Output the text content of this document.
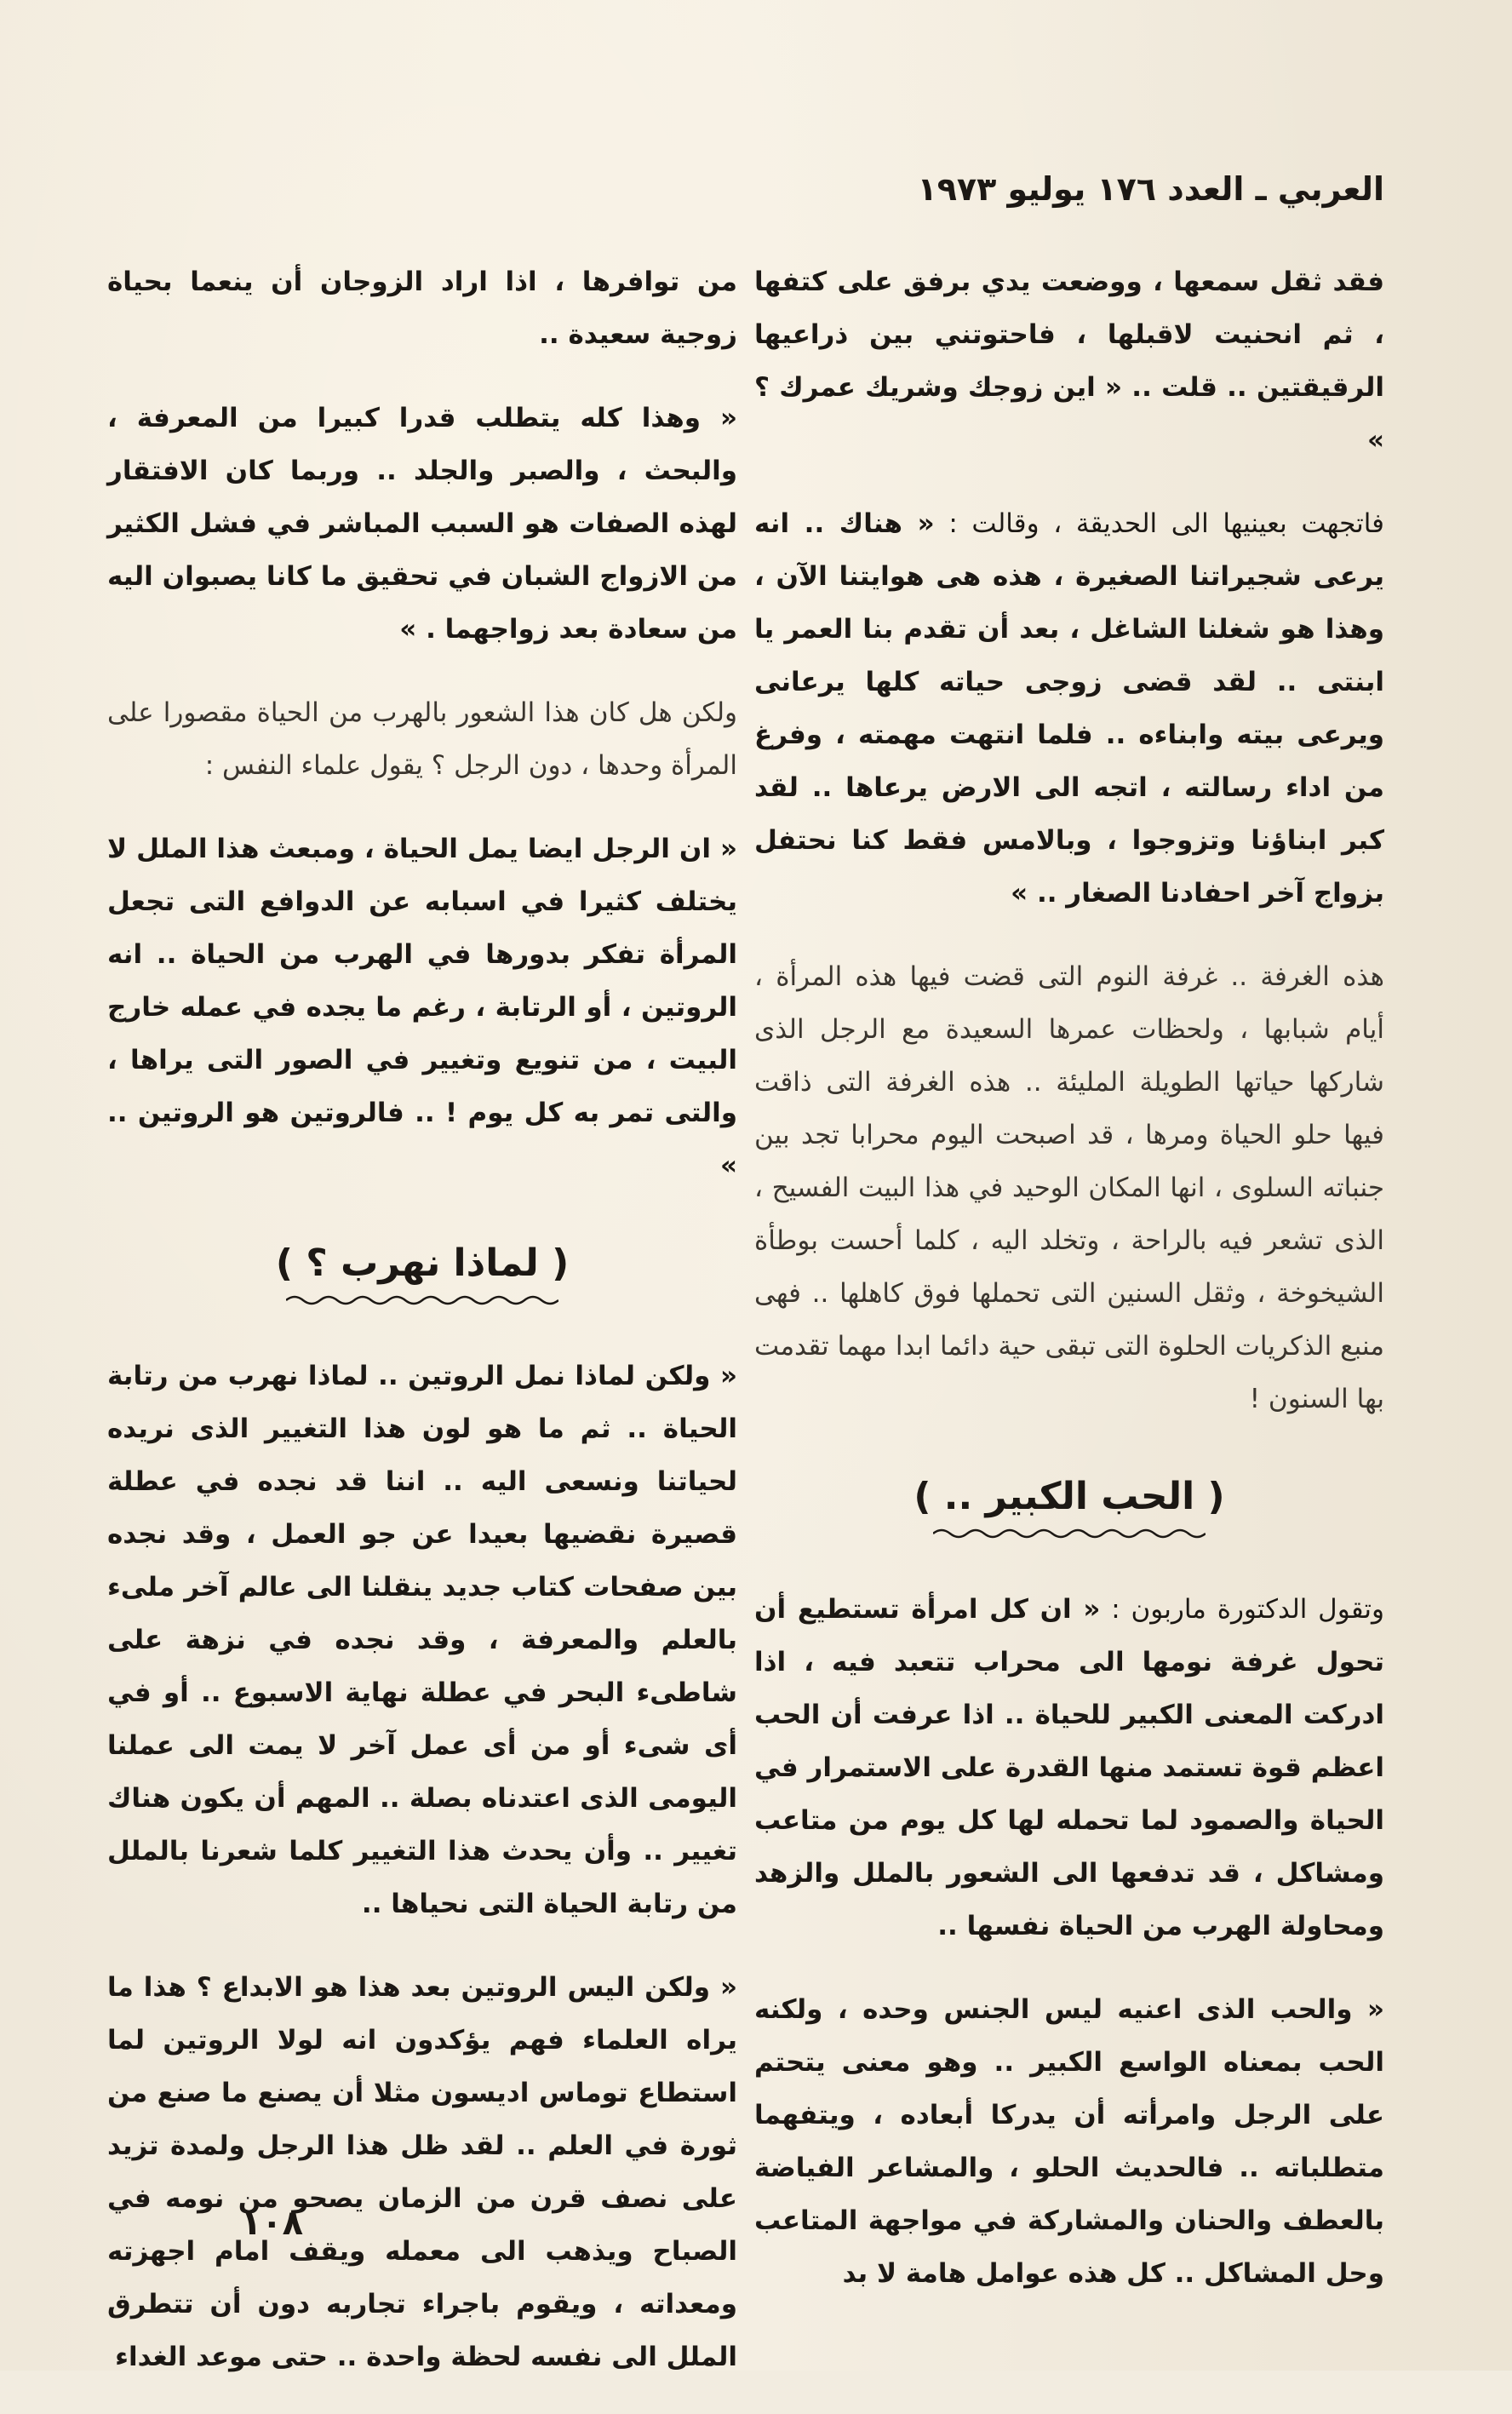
العربي ـ العدد ١٧٦ يوليو ١٩٧٣

فقد ثقل سمعها ، ووضعت يدي برفق على كتفها ، ثم انحنيت لاقبلها ، فاحتوتني بين ذراعيها الرقيقتين .. قلت .. « اين زوجك وشريك عمرك ؟ »

فاتجهت بعينيها الى الحديقة ، وقالت : « هناك .. انه يرعى شجيراتنا الصغيرة ، هذه هى هوايتنا الآن ، وهذا هو شغلنا الشاغل ، بعد أن تقدم بنا العمر يا ابنتى .. لقد قضى زوجى حياته كلها يرعانى ويرعى بيته وابناءه .. فلما انتهت مهمته ، وفرغ من اداء رسالته ، اتجه الى الارض يرعاها .. لقد كبر ابناؤنا وتزوجوا ، وبالامس فقط كنا نحتفل بزواج آخر احفادنا الصغار .. »

هذه الغرفة .. غرفة النوم التى قضت فيها هذه المرأة ، أيام شبابها ، ولحظات عمرها السعيدة مع الرجل الذى شاركها حياتها الطويلة المليئة .. هذه الغرفة التى ذاقت فيها حلو الحياة ومرها ، قد اصبحت اليوم محرابا تجد بين جنباته السلوى ، انها المكان الوحيد في هذا البيت الفسيح ، الذى تشعر فيه بالراحة ، وتخلد اليه ، كلما أحست بوطأة الشيخوخة ، وثقل السنين التى تحملها فوق كاهلها .. فهى منبع الذكريات الحلوة التى تبقى حية دائما ابدا مهما تقدمت بها السنون !

( الحب الكبير .. )

وتقول الدكتورة ماربون : « ان كل امرأة تستطيع أن تحول غرفة نومها الى محراب تتعبد فيه ، اذا ادركت المعنى الكبير للحياة .. اذا عرفت أن الحب اعظم قوة تستمد منها القدرة على الاستمرار في الحياة والصمود لما تحمله لها كل يوم من متاعب ومشاكل ، قد تدفعها الى الشعور بالملل والزهد ومحاولة الهرب من الحياة نفسها ..

« والحب الذى اعنيه ليس الجنس وحده ، ولكنه الحب بمعناه الواسع الكبير .. وهو معنى يتحتم على الرجل وامرأته أن يدركا أبعاده ، ويتفهما متطلباته .. فالحديث الحلو ، والمشاعر الفياضة بالعطف والحنان والمشاركة في مواجهة المتاعب وحل المشاكل .. كل هذه عوامل هامة لا بد

من توافرها ، اذا اراد الزوجان أن ينعما بحياة زوجية سعيدة ..

« وهذا كله يتطلب قدرا كبيرا من المعرفة ، والبحث ، والصبر والجلد .. وربما كان الافتقار لهذه الصفات هو السبب المباشر في فشل الكثير من الازواج الشبان في تحقيق ما كانا يصبوان اليه من سعادة بعد زواجهما . »

ولكن هل كان هذا الشعور بالهرب من الحياة مقصورا على المرأة وحدها ، دون الرجل ؟ يقول علماء النفس :

« ان الرجل ايضا يمل الحياة ، ومبعث هذا الملل لا يختلف كثيرا في اسبابه عن الدوافع التى تجعل المرأة تفكر بدورها في الهرب من الحياة .. انه الروتين ، أو الرتابة ، رغم ما يجده في عمله خارج البيت ، من تنويع وتغيير في الصور التى يراها ، والتى تمر به كل يوم ! .. فالروتين هو الروتين .. »

( لماذا نهرب ؟ )

« ولكن لماذا نمل الروتين .. لماذا نهرب من رتابة الحياة .. ثم ما هو لون هذا التغيير الذى نريده لحياتنا ونسعى اليه .. اننا قد نجده في عطلة قصيرة نقضيها بعيدا عن جو العمل ، وقد نجده بين صفحات كتاب جديد ينقلنا الى عالم آخر ملىء بالعلم والمعرفة ، وقد نجده في نزهة على شاطىء البحر في عطلة نهاية الاسبوع .. أو في أى شىء أو من أى عمل آخر لا يمت الى عملنا اليومى الذى اعتدناه بصلة .. المهم أن يكون هناك تغيير .. وأن يحدث هذا التغيير كلما شعرنا بالملل من رتابة الحياة التى نحياها ..

« ولكن اليس الروتين بعد هذا هو الابداع ؟ هذا ما يراه العلماء فهم يؤكدون انه لولا الروتين لما استطاع توماس اديسون مثلا أن يصنع ما صنع من ثورة في العلم .. لقد ظل هذا الرجل ولمدة تزيد على نصف قرن من الزمان يصحو من نومه في الصباح ويذهب الى معمله ويقف امام اجهزته ومعداته ، ويقوم باجراء تجاربه دون أن تتطرق الملل الى نفسه لحظة واحدة .. حتى موعد الغداء

١٠٨
